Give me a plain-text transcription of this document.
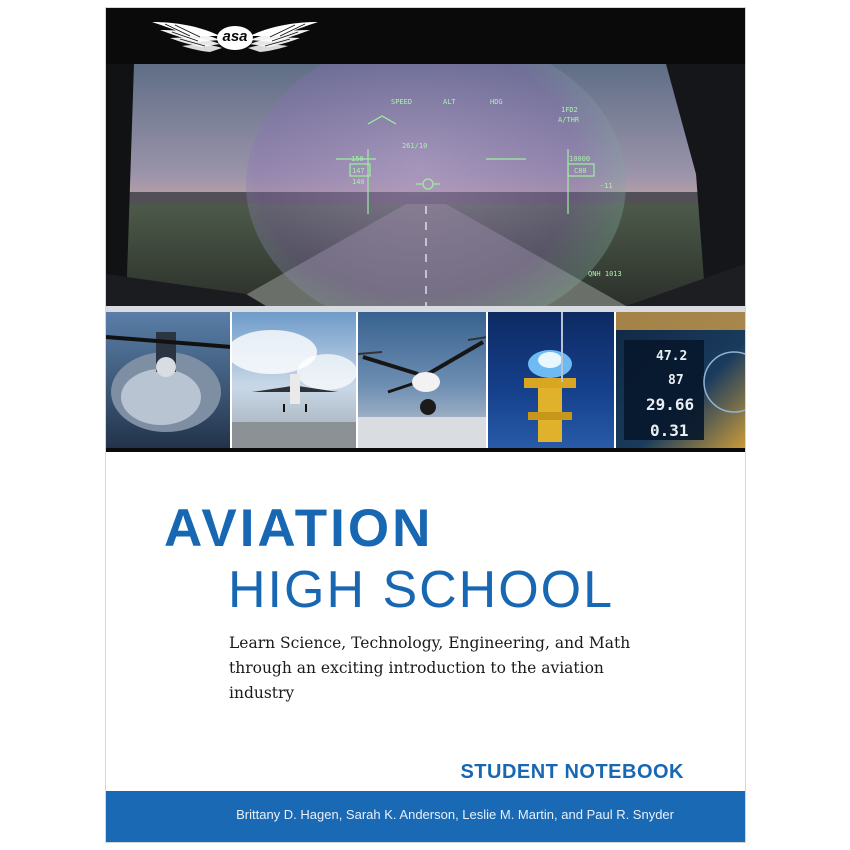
asa
SPEED	ALT	HDG
1FD2
A/THR
150
147
140
10000
C80
-11
261/10
QNH 1013
47.2
87
29.66
0.31
AVIATION
HIGH SCHOOL
Learn Science, Technology, Engineering, and Math through an exciting introduction to the aviation industry
STUDENT NOTEBOOK
Brittany D. Hagen, Sarah K. Anderson, Leslie M. Martin, and Paul R. Snyder
